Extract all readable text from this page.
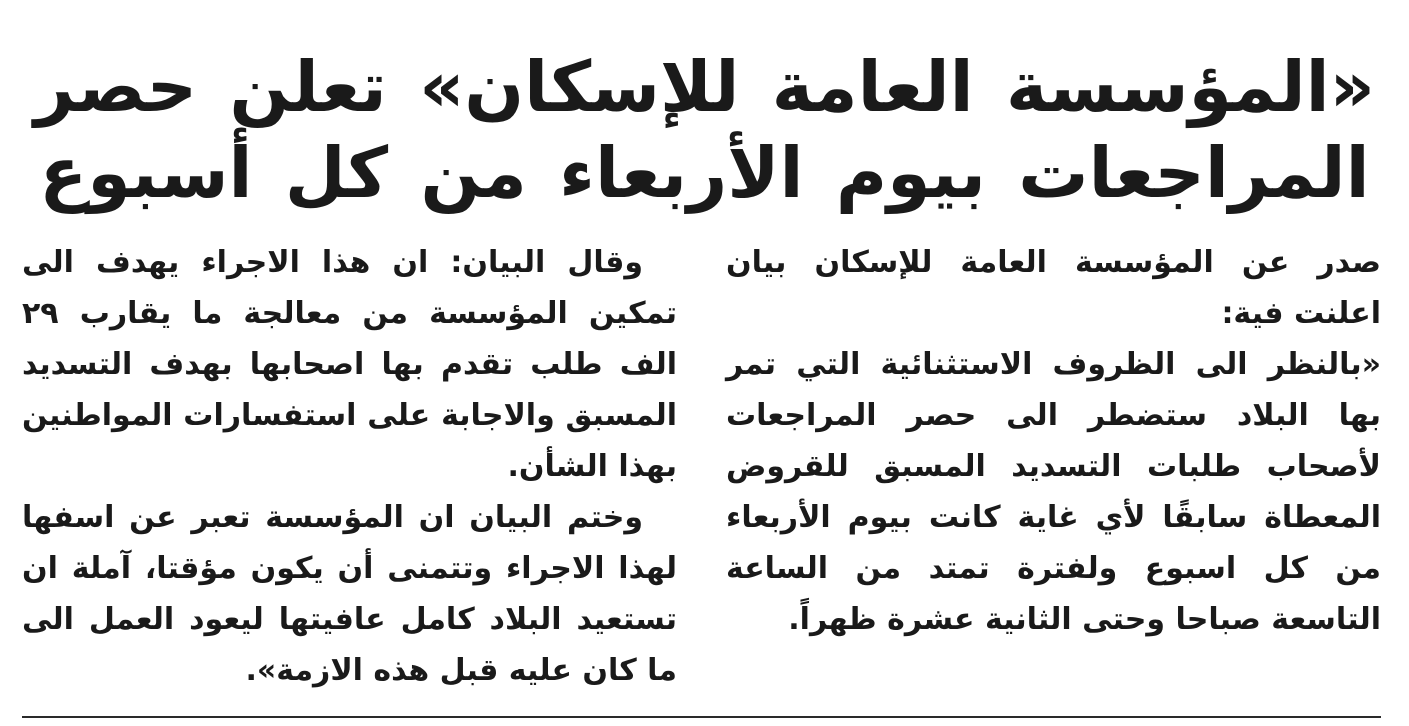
«المؤسسة العامة للإسكان» تعلن حصر
المراجعات بيوم الأربعاء من كل أسبوع

صدر عن المؤسسة العامة للإسكان بيان اعلنت فية:

«بالنظر الى الظروف الاستثنائية التي تمر بها البلاد ستضطر الى حصر المراجعات لأصحاب طلبات التسديد المسبق للقروض المعطاة سابقًا لأي غاية كانت بيوم الأربعاء من كل اسبوع ولفترة تمتد من الساعة التاسعة صباحا وحتى الثانية عشرة ظهراً.

وقال البيان: ان هذا الاجراء يهدف الى تمكين المؤسسة من معالجة ما يقارب ٢٩ الف طلب تقدم بها اصحابها بهدف التسديد المسبق والاجابة على استفسارات المواطنين بهذا الشأن.

وختم البيان ان المؤسسة تعبر عن اسفها لهذا الاجراء وتتمنى أن يكون مؤقتا، آملة ان تستعيد البلاد كامل عافيتها ليعود العمل الى ما كان عليه قبل هذه الازمة».
